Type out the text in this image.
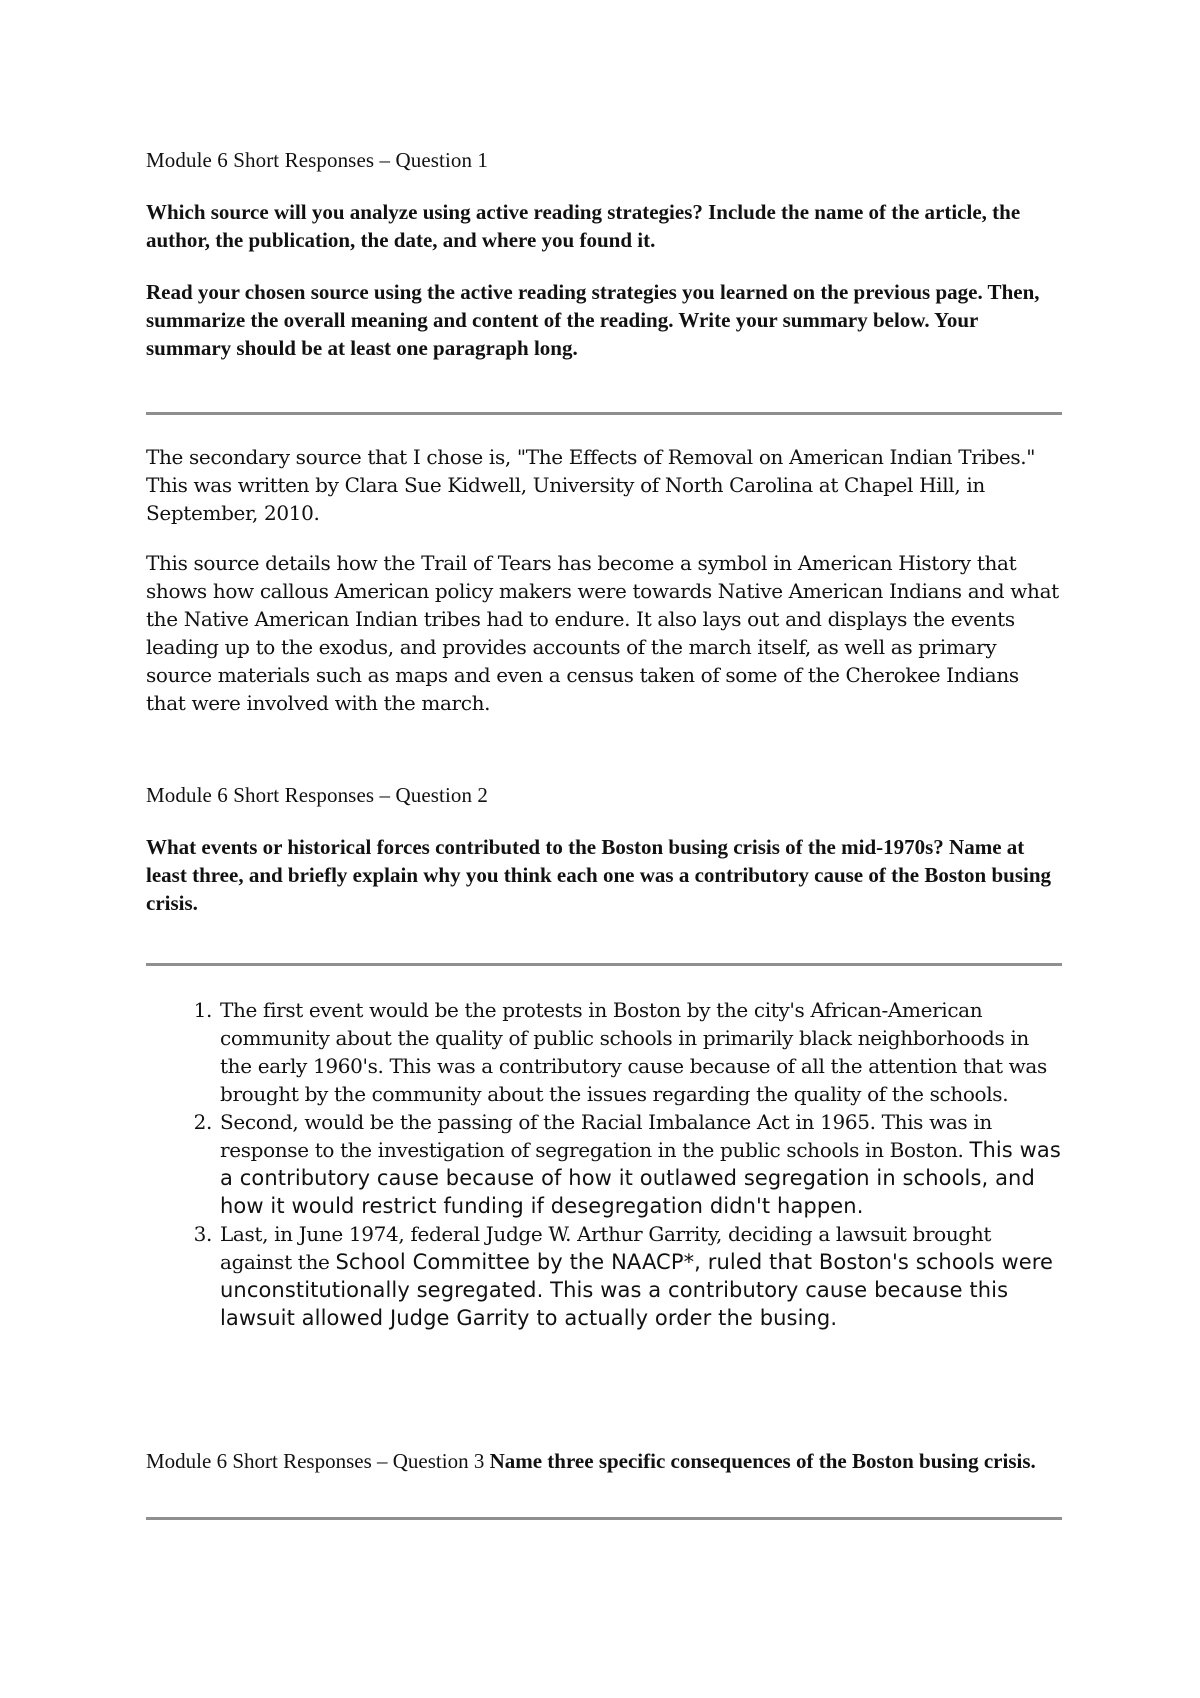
Module 6 Short Responses – Question 1

Which source will you analyze using active reading strategies? Include the name of the article, the author, the publication, the date, and where you found it.

Read your chosen source using the active reading strategies you learned on the previous page. Then, summarize the overall meaning and content of the reading. Write your summary below. Your summary should be at least one paragraph long.

The secondary source that I chose is, "The Effects of Removal on American Indian Tribes." This was written by Clara Sue Kidwell, University of North Carolina at Chapel Hill, in September, 2010.

This source details how the Trail of Tears has become a symbol in American History that shows how callous American policy makers were towards Native American Indians and what the Native American Indian tribes had to endure. It also lays out and displays the events leading up to the exodus, and provides accounts of the march itself, as well as primary source materials such as maps and even a census taken of some of the Cherokee Indians that were involved with the march.

Module 6 Short Responses – Question 2

What events or historical forces contributed to the Boston busing crisis of the mid-1970s? Name at least three, and briefly explain why you think each one was a contributory cause of the Boston busing crisis.

1. The first event would be the protests in Boston by the city's African-American community about the quality of public schools in primarily black neighborhoods in the early 1960's. This was a contributory cause because of all the attention that was brought by the community about the issues regarding the quality of the schools.
2. Second, would be the passing of the Racial Imbalance Act in 1965. This was in response to the investigation of segregation in the public schools in Boston. This was a contributory cause because of how it outlawed segregation in schools, and how it would restrict funding if desegregation didn't happen.
3. Last, in June 1974, federal Judge W. Arthur Garrity, deciding a lawsuit brought against the School Committee by the NAACP*, ruled that Boston's schools were unconstitutionally segregated. This was a contributory cause because this lawsuit allowed Judge Garrity to actually order the busing.

Module 6 Short Responses – Question 3 Name three specific consequences of the Boston busing crisis.
